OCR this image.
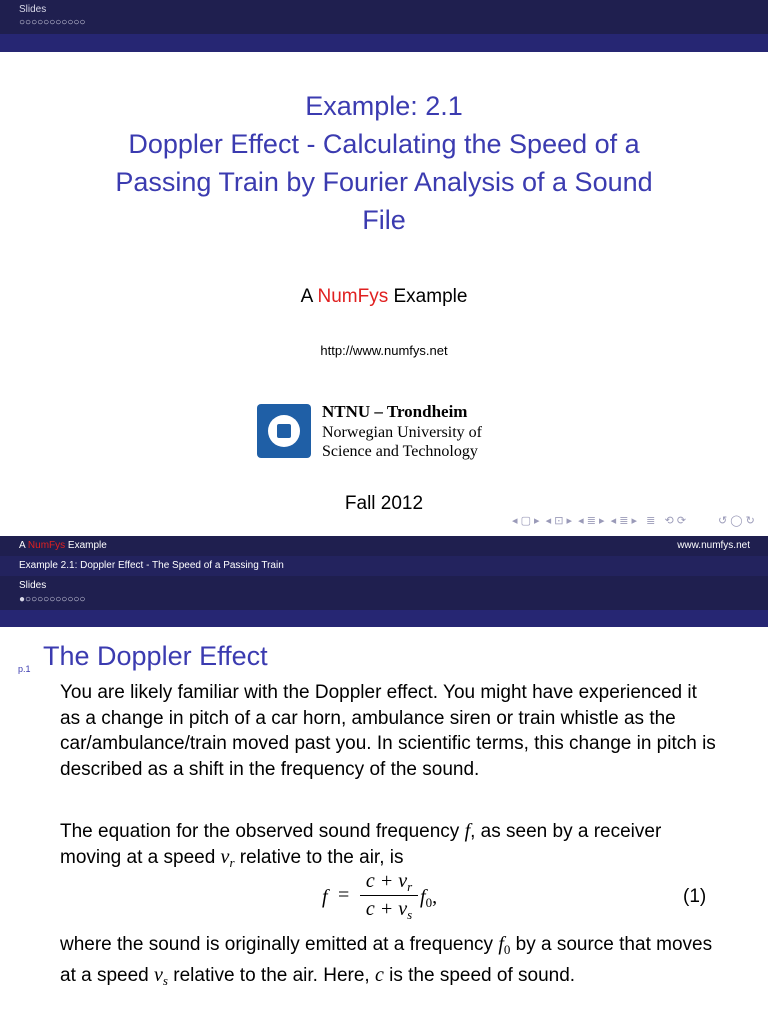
Slides
○○○○○○○○○○○
Example: 2.1
Doppler Effect - Calculating the Speed of a
Passing Train by Fourier Analysis of a Sound
File
A NumFys Example
http://www.numfys.net
NTNU – Trondheim
Norwegian University of
Science and Technology
Fall 2012
◂ ▢ ▸  ◂ ⊡ ▸  ◂ ≣ ▸  ◂ ≣ ▸   ≣   ⟲ ⟳	↺ ◯ ↻
A NumFys Example	www.numfys.net
Example 2.1: Doppler Effect - The Speed of a Passing Train
Slides
●○○○○○○○○○○
p.1 The Doppler Effect
You are likely familiar with the Doppler effect. You might have experienced it as a change in pitch of a car horn, ambulance siren or train whistle as the car/ambulance/train moved past you. In scientific terms, this change in pitch is described as a shift in the frequency of the sound.
The equation for the observed sound frequency f, as seen by a receiver moving at a speed $v_r$ relative to the air, is
f =
$c + v_r$
$c + v_s$
$f_0$,	(1)
where the sound is originally emitted at a frequency $f_0$ by a source that moves at a speed $v_s$ relative to the air. Here, c is the speed of sound.
